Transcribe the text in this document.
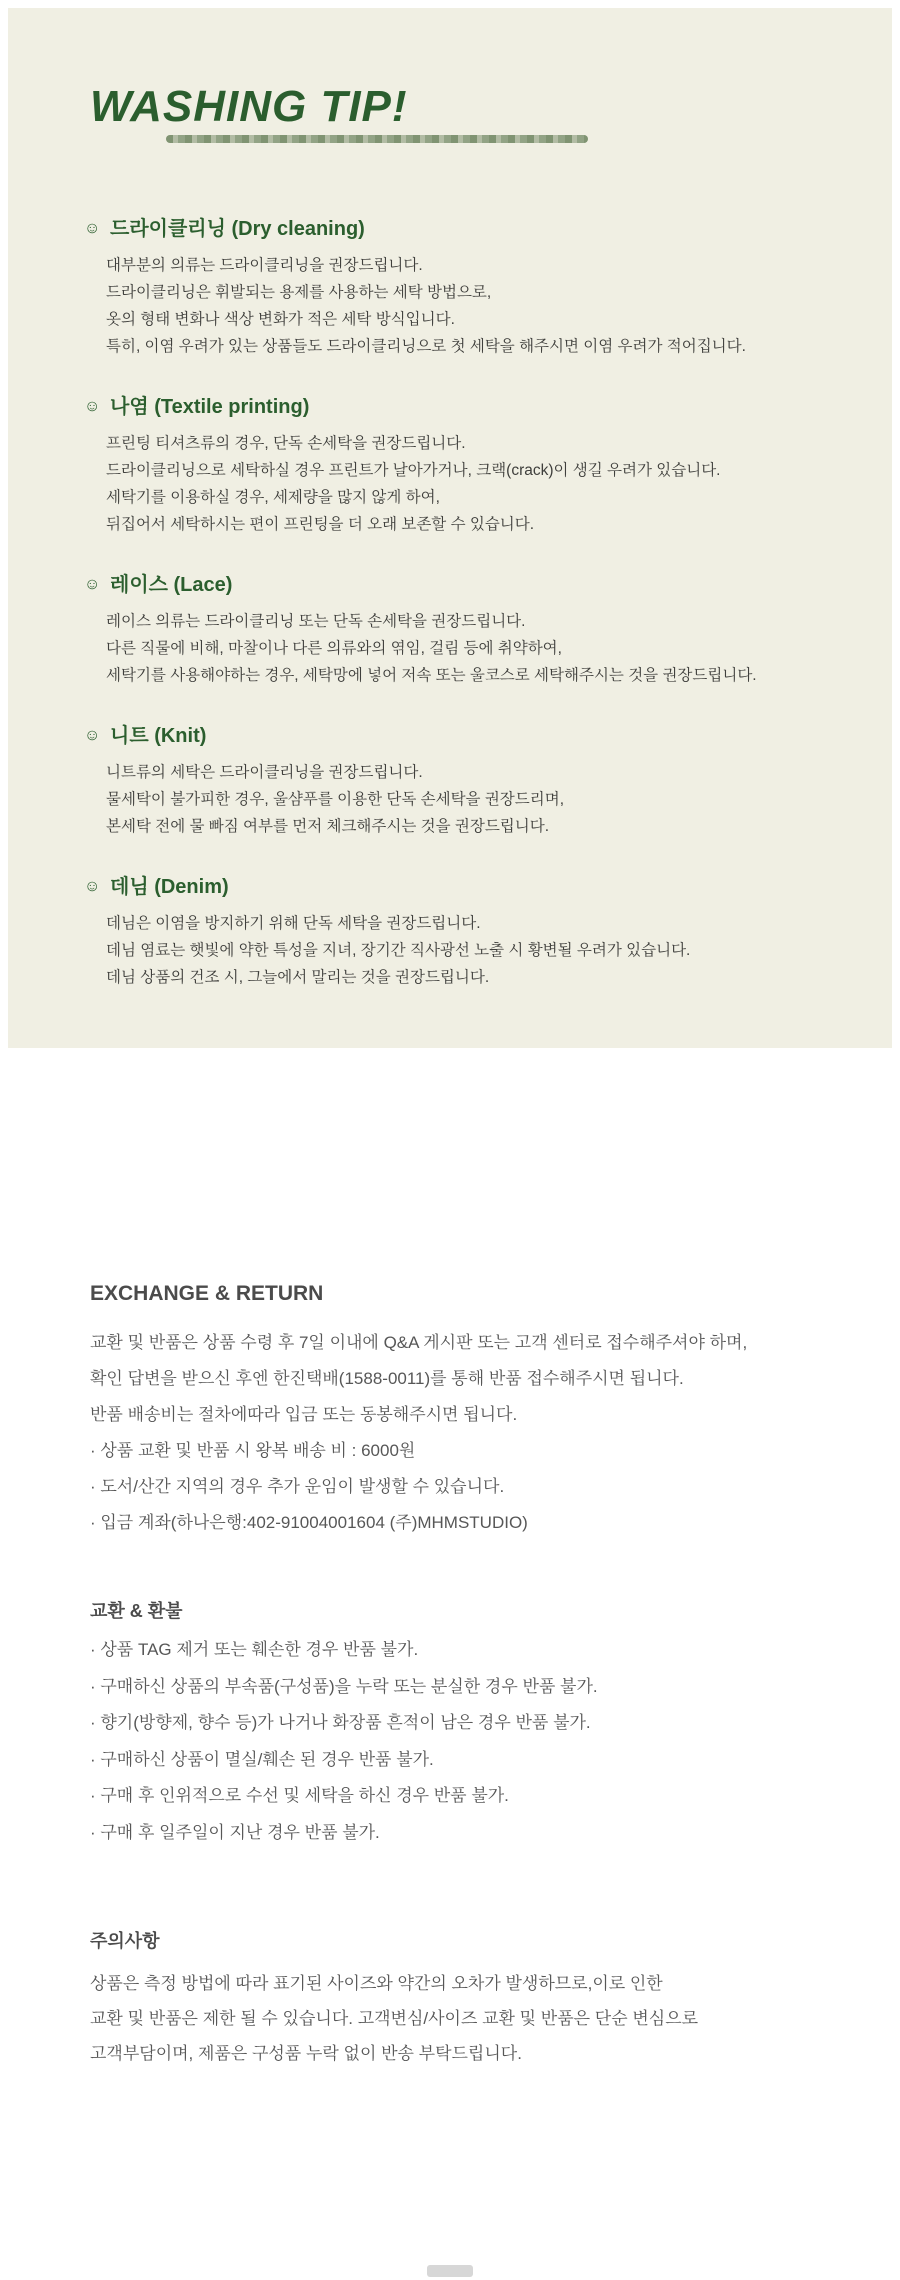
WASHING TIP!
☺ 드라이클리닝 (Dry cleaning)

대부분의 의류는 드라이클리닝을 권장드립니다.

드라이클리닝은 휘발되는 용제를 사용하는 세탁 방법으로,

옷의 형태 변화나 색상 변화가 적은 세탁 방식입니다.

특히, 이염 우려가 있는 상품들도 드라이클리닝으로 첫 세탁을 해주시면 이염 우려가 적어집니다.

☺ 나염 (Textile printing)

프린팅 티셔츠류의 경우, 단독 손세탁을 권장드립니다.

드라이클리닝으로 세탁하실 경우 프린트가 날아가거나, 크랙(crack)이 생길 우려가 있습니다.

세탁기를 이용하실 경우, 세제량을 많지 않게 하여,

뒤집어서 세탁하시는 편이 프린팅을 더 오래 보존할 수 있습니다.

☺ 레이스 (Lace)

레이스 의류는 드라이클리닝 또는 단독 손세탁을 권장드립니다.

다른 직물에 비해, 마찰이나 다른 의류와의 엮임, 걸림 등에 취약하여,

세탁기를 사용해야하는 경우, 세탁망에 넣어 저속 또는 울코스로 세탁해주시는 것을 권장드립니다.

☺ 니트 (Knit)

니트류의 세탁은 드라이클리닝을 권장드립니다.

물세탁이 불가피한 경우, 울샴푸를 이용한 단독 손세탁을 권장드리며,

본세탁 전에 물 빠짐 여부를 먼저 체크해주시는 것을 권장드립니다.

☺ 데님 (Denim)

데님은 이염을 방지하기 위해 단독 세탁을 권장드립니다.

데님 염료는 햇빛에 약한 특성을 지녀, 장기간 직사광선 노출 시 황변될 우려가 있습니다.

데님 상품의 건조 시, 그늘에서 말리는 것을 권장드립니다.

EXCHANGE & RETURN

교환 및 반품은 상품 수령 후 7일 이내에 Q&A 게시판 또는 고객 센터로 접수해주셔야 하며,

확인 답변을 받으신 후엔 한진택배(1588-0011)를 통해 반품 접수해주시면 됩니다.

반품 배송비는 절차에따라 입금 또는 동봉해주시면 됩니다.

· 상품 교환 및 반품 시 왕복 배송 비 : 6000원

· 도서/산간 지역의 경우 추가 운임이 발생할 수 있습니다.

· 입금 계좌(하나은행:402-91004001604 (주)MHMSTUDIO)

교환 & 환불

· 상품 TAG 제거 또는 훼손한 경우 반품 불가.

· 구매하신 상품의 부속품(구성품)을 누락 또는 분실한 경우 반품 불가.

· 향기(방향제, 향수 등)가 나거나 화장품 흔적이 남은 경우 반품 불가.

· 구매하신 상품이 멸실/훼손 된 경우 반품 불가.

· 구매 후 인위적으로 수선 및 세탁을 하신 경우 반품 불가.

· 구매 후 일주일이 지난 경우 반품 불가.

주의사항

상품은 측정 방법에 따라 표기된 사이즈와 약간의 오차가 발생하므로,이로 인한

교환 및 반품은 제한 될 수 있습니다. 고객변심/사이즈 교환 및 반품은 단순 변심으로

고객부담이며, 제품은 구성품 누락 없이 반송 부탁드립니다.
